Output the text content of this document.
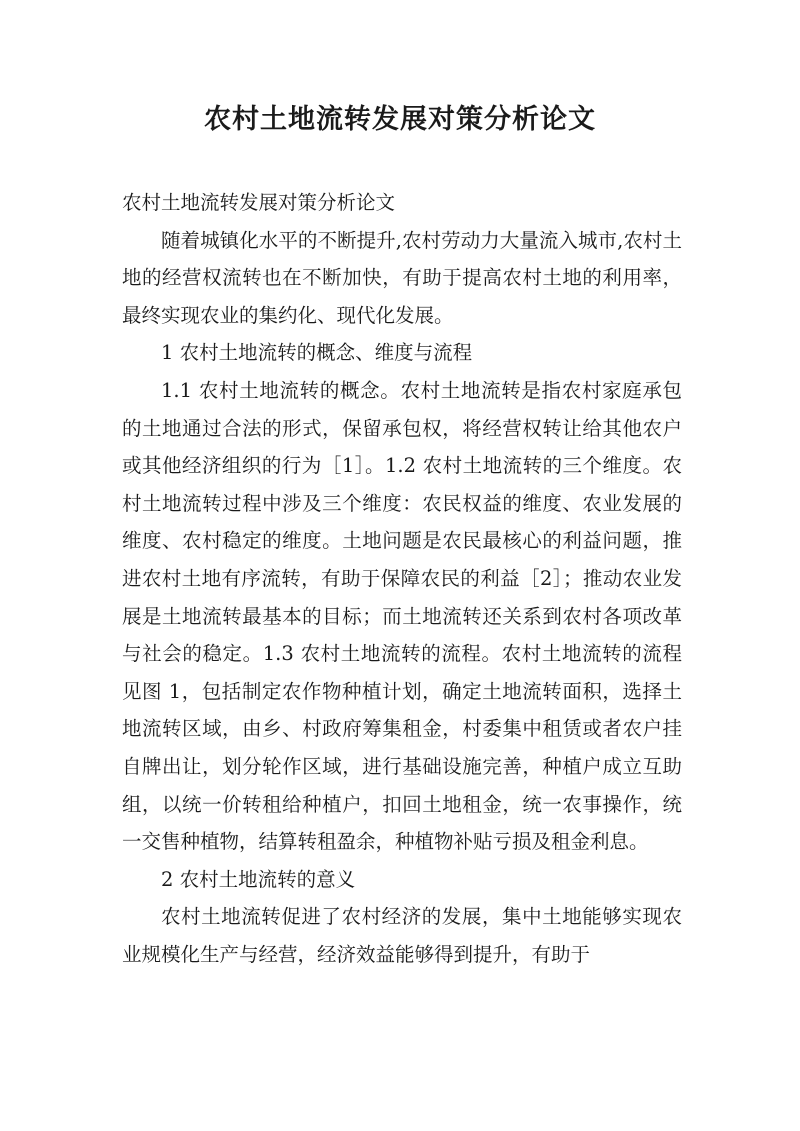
农村土地流转发展对策分析论文

农村土地流转发展对策分析论文

随着城镇化水平的不断提升,农村劳动力大量流入城市,农村土地的经营权流转也在不断加快，有助于提高农村土地的利用率，最终实现农业的集约化、现代化发展。

1 农村土地流转的概念、维度与流程

1.1 农村土地流转的概念。农村土地流转是指农村家庭承包的土地通过合法的形式，保留承包权，将经营权转让给其他农户或其他经济组织的行为［1］。1.2 农村土地流转的三个维度。农村土地流转过程中涉及三个维度：农民权益的维度、农业发展的维度、农村稳定的维度。土地问题是农民最核心的利益问题，推进农村土地有序流转，有助于保障农民的利益［2］；推动农业发展是土地流转最基本的目标；而土地流转还关系到农村各项改革与社会的稳定。1.3 农村土地流转的流程。农村土地流转的流程见图 1，包括制定农作物种植计划，确定土地流转面积，选择土地流转区域，由乡、村政府筹集租金，村委集中租赁或者农户挂自牌出让，划分轮作区域，进行基础设施完善，种植户成立互助组，以统一价转租给种植户，扣回土地租金，统一农事操作，统一交售种植物，结算转租盈余，种植物补贴亏损及租金利息。

2 农村土地流转的意义

农村土地流转促进了农村经济的发展，集中土地能够实现农业规模化生产与经营，经济效益能够得到提升，有助于
